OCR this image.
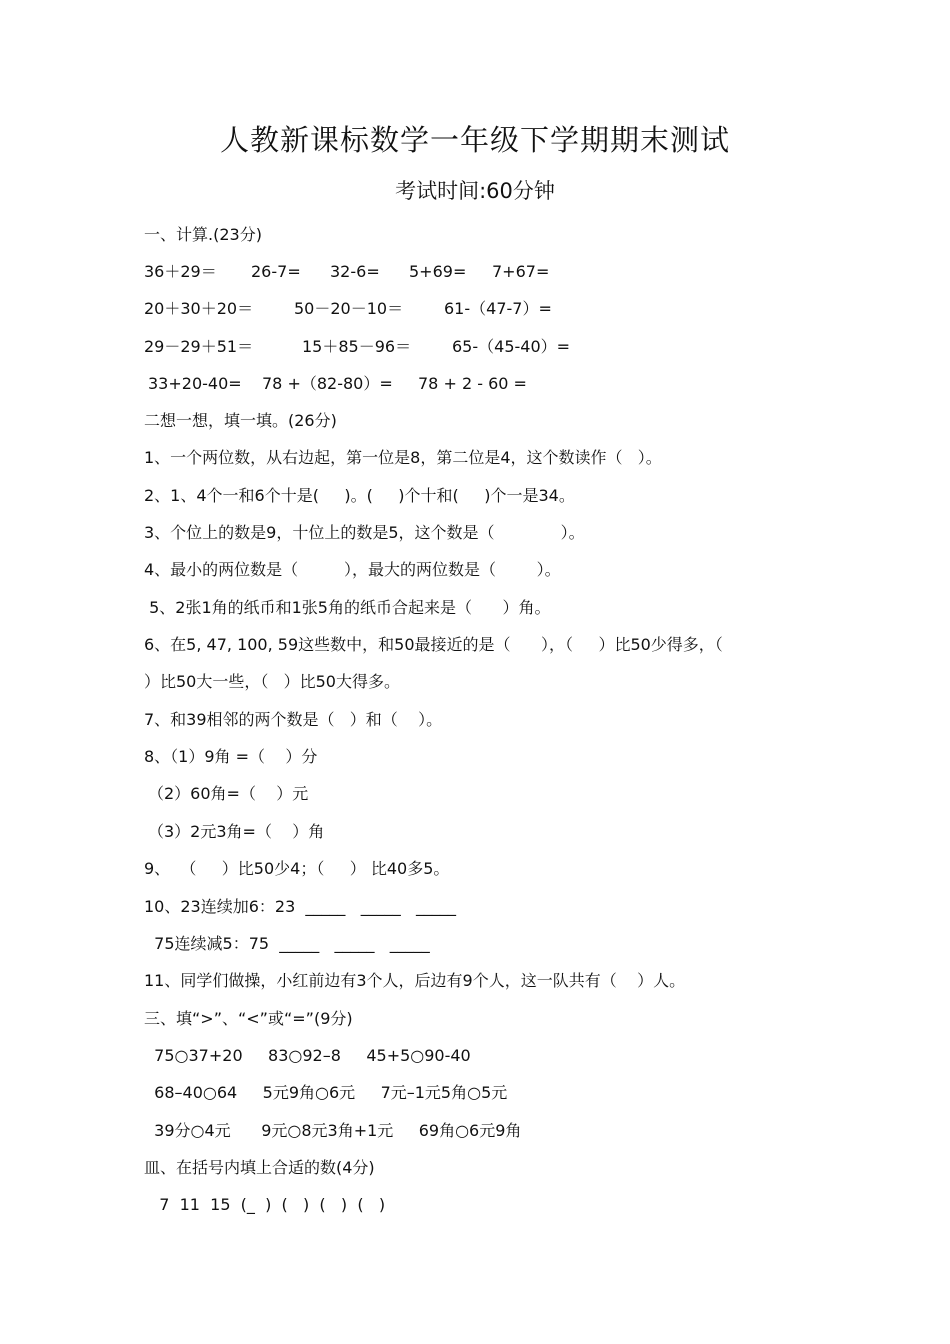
人教新课标数学一年级下学期期末测试
考试时间:60分钟
一、计算.(23分)
36＋29＝ 26-7= 32-6= 5+69= 7+67=
20＋30＋20＝	50－20－10＝	61-（47-7）=
29－29＋51＝	15＋85－96＝	65-（45-40）=
33+20-40= 78 +（82-80）= 78 + 2 - 60 =
二想一想，填一填。(26分)
1、一个两位数，从右边起，第一位是8，第二位是4，这个数读作（   ）。
2、1、4个一和6个十是(     )。(     )个十和(     )个一是34。
3、个位上的数是9，十位上的数是5，这个数是（             ）。
4、最小的两位数是（         ），最大的两位数是（        ）。
5、2张1角的纸币和1张5角的纸币合起来是（      ）角。
6、在5, 47, 100, 59这些数中，和50最接近的是（      ），（     ）比50少得多，（
）比50大一些，（   ）比50大得多。
7、和39相邻的两个数是（   ）和（    ）。
8、（1）9角 =（    ）分
（2）60角=（    ）元
（3）2元3角=（    ）角
9、  （     ）比50少4；（     ） 比40多5。
10、23连续加6：23  _____   _____   _____
75连续减5：75  _____   _____   _____
11、同学们做操，小红前边有3个人，后边有9个人，这一队共有（    ）人。
三、填“>”、“<”或“=”(9分)
75○37+20     83○92–8     45+5○90-40
68–40○64     5元9角○6元     7元–1元5角○5元
39分○4元      9元○8元3角+1元     69角○6元9角
皿、在括号内填上合适的数(4分)
7  11  15  (_  )  (   )  (   )  (   )
